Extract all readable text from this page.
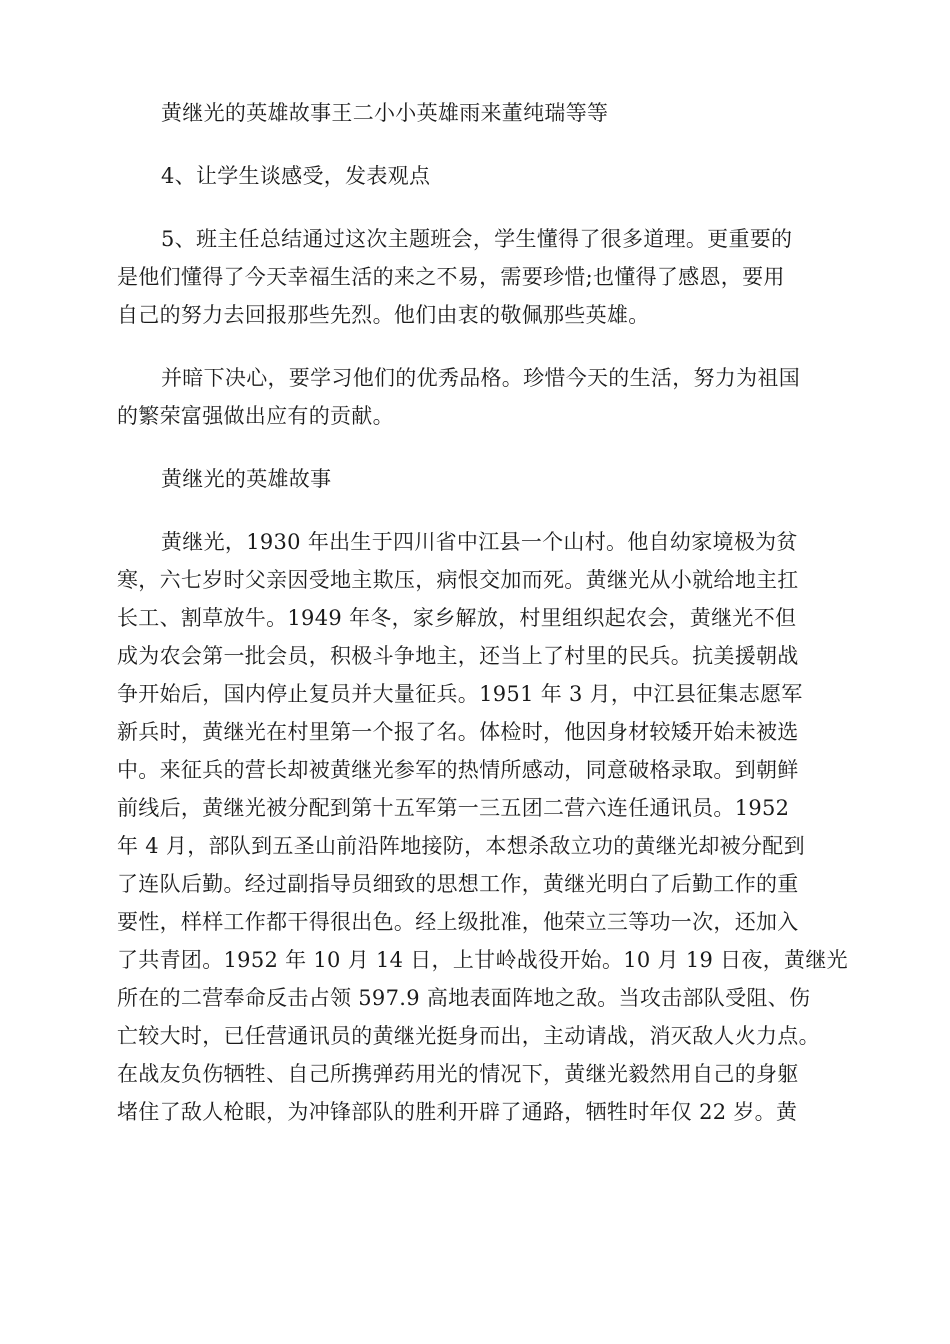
黄继光的英雄故事王二小小英雄雨来董纯瑞等等
4、让学生谈感受，发表观点
5、班主任总结通过这次主题班会，学生懂得了很多道理。更重要的
是他们懂得了今天幸福生活的来之不易，需要珍惜;也懂得了感恩，要用
自己的努力去回报那些先烈。他们由衷的敬佩那些英雄。
并暗下决心，要学习他们的优秀品格。珍惜今天的生活，努力为祖国
的繁荣富强做出应有的贡献。
黄继光的英雄故事
黄继光，1930 年出生于四川省中江县一个山村。他自幼家境极为贫
寒，六七岁时父亲因受地主欺压，病恨交加而死。黄继光从小就给地主扛
长工、割草放牛。1949 年冬，家乡解放，村里组织起农会，黄继光不但
成为农会第一批会员，积极斗争地主，还当上了村里的民兵。抗美援朝战
争开始后，国内停止复员并大量征兵。1951 年 3 月，中江县征集志愿军
新兵时，黄继光在村里第一个报了名。体检时，他因身材较矮开始未被选
中。来征兵的营长却被黄继光参军的热情所感动，同意破格录取。到朝鲜
前线后，黄继光被分配到第十五军第一三五团二营六连任通讯员。1952
年 4 月，部队到五圣山前沿阵地接防，本想杀敌立功的黄继光却被分配到
了连队后勤。经过副指导员细致的思想工作，黄继光明白了后勤工作的重
要性，样样工作都干得很出色。经上级批准，他荣立三等功一次，还加入
了共青团。1952 年 10 月 14 日，上甘岭战役开始。10 月 19 日夜，黄继光
所在的二营奉命反击占领 597.9 高地表面阵地之敌。当攻击部队受阻、伤
亡较大时，已任营通讯员的黄继光挺身而出，主动请战，消灭敌人火力点。
在战友负伤牺牲、自己所携弹药用光的情况下，黄继光毅然用自己的身躯
堵住了敌人枪眼，为冲锋部队的胜利开辟了通路，牺牲时年仅 22 岁。黄
